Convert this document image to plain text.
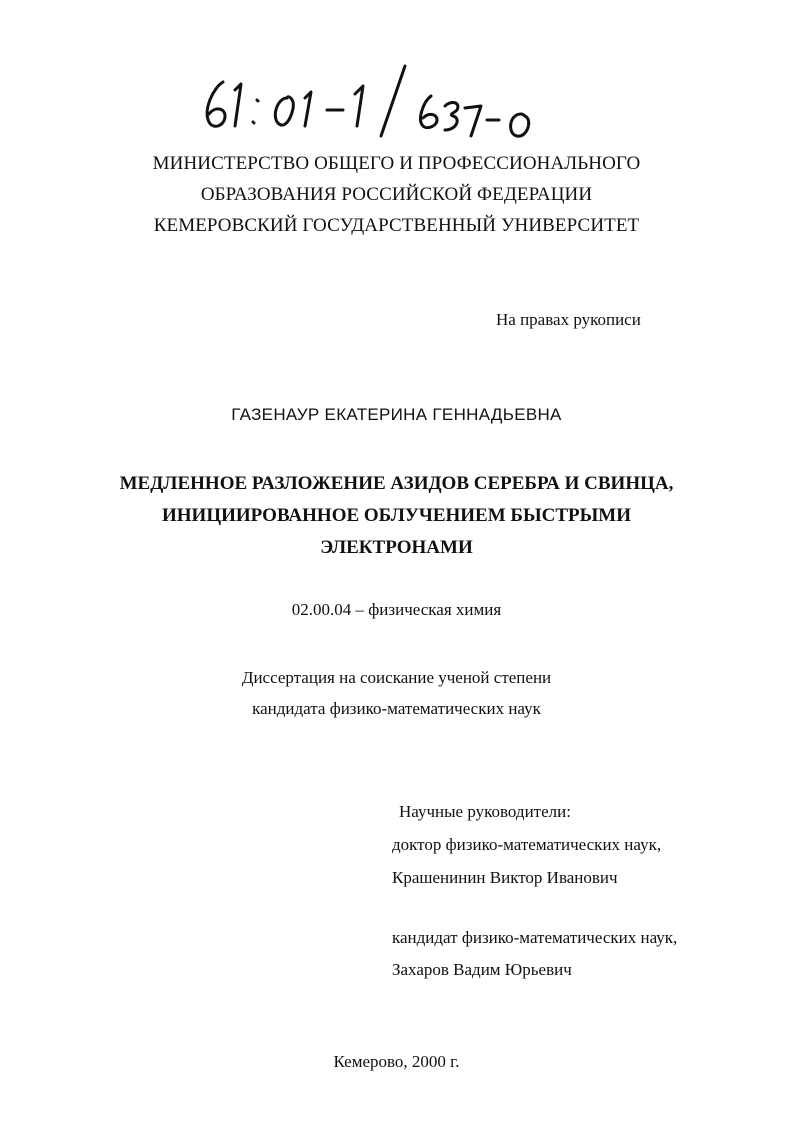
МИНИСТЕРСТВО ОБЩЕГО И ПРОФЕССИОНАЛЬНОГО
ОБРАЗОВАНИЯ РОССИЙСКОЙ ФЕДЕРАЦИИ
КЕМЕРОВСКИЙ ГОСУДАРСТВЕННЫЙ УНИВЕРСИТЕТ
На правах рукописи
ГАЗЕНАУР ЕКАТЕРИНА ГЕННАДЬЕВНА
МЕДЛЕННОЕ РАЗЛОЖЕНИЕ АЗИДОВ СЕРЕБРА И СВИНЦА,
ИНИЦИИРОВАННОЕ ОБЛУЧЕНИЕМ БЫСТРЫМИ
ЭЛЕКТРОНАМИ
02.00.04 – физическая химия
Диссертация на соискание ученой степени
кандидата физико-математических наук
Научные руководители:
доктор физико-математических наук,
Крашенинин Виктор Иванович
кандидат физико-математических наук,
Захаров Вадим Юрьевич
Кемерово, 2000 г.
